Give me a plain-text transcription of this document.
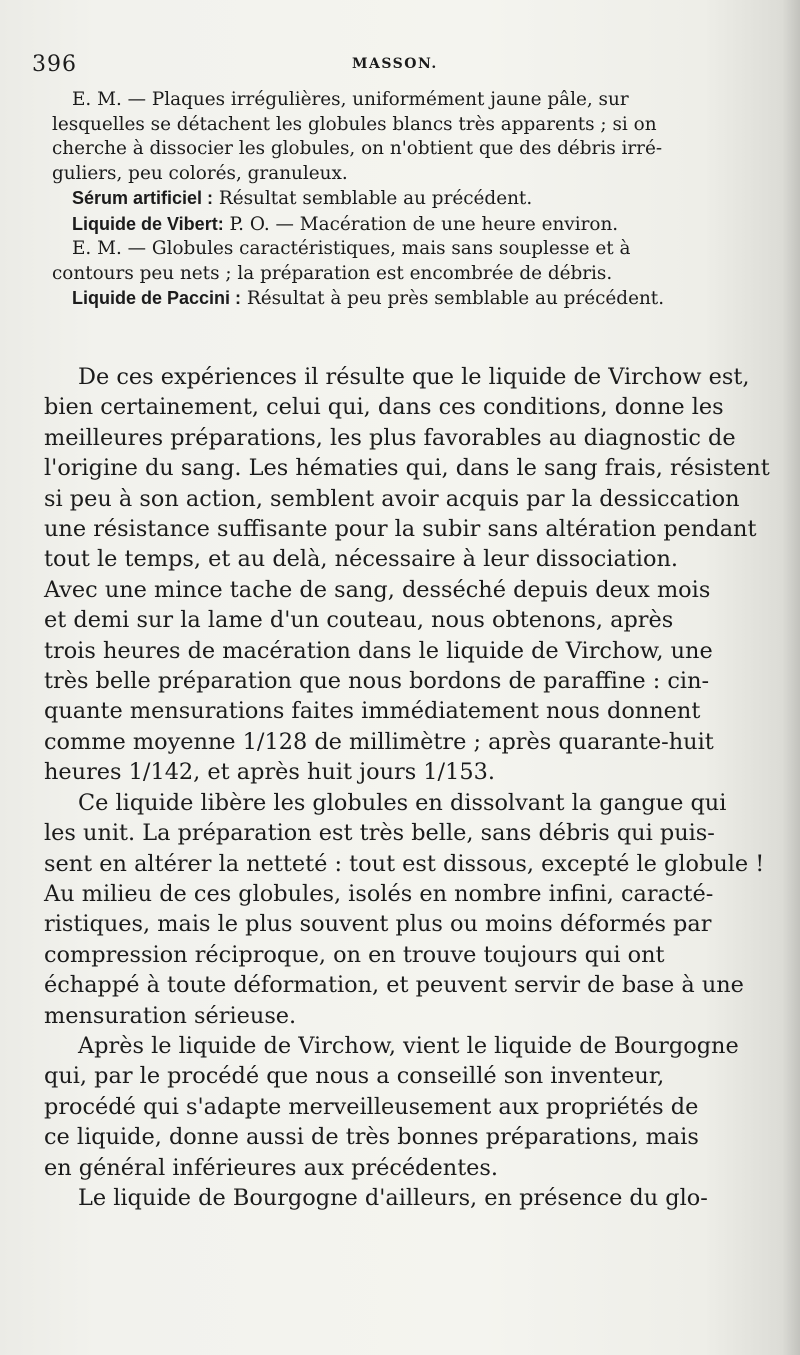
396	MASSON.
E. M. — Plaques irrégulières, uniformément jaune pâle, sur
lesquelles se détachent les globules blancs très apparents ; si on
cherche à dissocier les globules, on n'obtient que des débris irré-
guliers, peu colorés, granuleux.
Sérum artificiel : Résultat semblable au précédent.
Liquide de Vibert: P. O. — Macération de une heure environ.
E. M. — Globules caractéristiques, mais sans souplesse et à
contours peu nets ; la préparation est encombrée de débris.
Liquide de Paccini : Résultat à peu près semblable au précédent.

De ces expériences il résulte que le liquide de Virchow est,
bien certainement, celui qui, dans ces conditions, donne les
meilleures préparations, les plus favorables au diagnostic de
l'origine du sang. Les hématies qui, dans le sang frais, résistent
si peu à son action, semblent avoir acquis par la dessiccation
une résistance suffisante pour la subir sans altération pendant
tout le temps, et au delà, nécessaire à leur dissociation.
Avec une mince tache de sang, desséché depuis deux mois
et demi sur la lame d'un couteau, nous obtenons, après
trois heures de macération dans le liquide de Virchow, une
très belle préparation que nous bordons de paraffine : cin-
quante mensurations faites immédiatement nous donnent
comme moyenne 1/128 de millimètre ; après quarante-huit
heures 1/142, et après huit jours 1/153.

Ce liquide libère les globules en dissolvant la gangue qui
les unit. La préparation est très belle, sans débris qui puis-
sent en altérer la netteté : tout est dissous, excepté le globule !
Au milieu de ces globules, isolés en nombre infini, caracté-
ristiques, mais le plus souvent plus ou moins déformés par
compression réciproque, on en trouve toujours qui ont
échappé à toute déformation, et peuvent servir de base à une
mensuration sérieuse.

Après le liquide de Virchow, vient le liquide de Bourgogne
qui, par le procédé que nous a conseillé son inventeur,
procédé qui s'adapte merveilleusement aux propriétés de
ce liquide, donne aussi de très bonnes préparations, mais
en général inférieures aux précédentes.

Le liquide de Bourgogne d'ailleurs, en présence du glo-
